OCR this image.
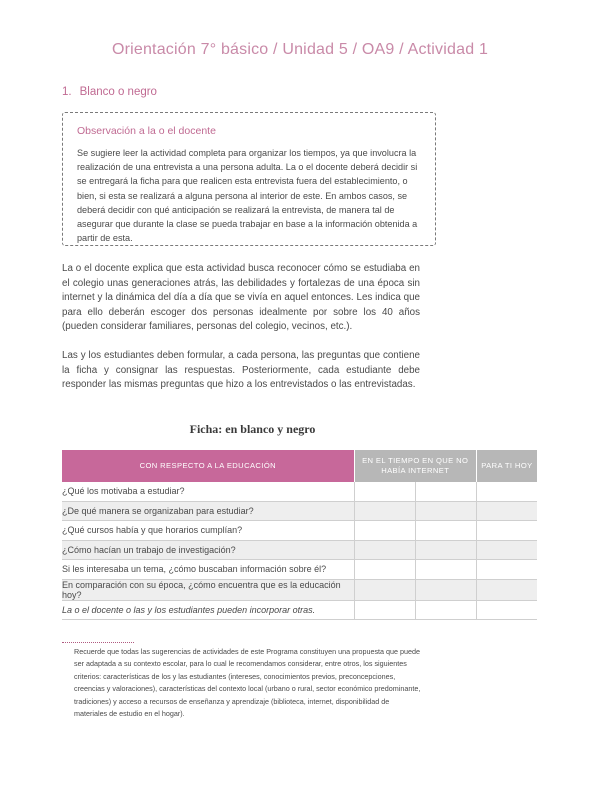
Orientación 7° básico / Unidad 5 / OA9 / Actividad 1
1. Blanco o negro
Observación a la o el docente
Se sugiere leer la actividad completa para organizar los tiempos, ya que involucra la realización de una entrevista a una persona adulta. La o el docente deberá decidir si se entregará la ficha para que realicen esta entrevista fuera del establecimiento, o bien, si esta se realizará a alguna persona al interior de este. En ambos casos, se deberá decidir con qué anticipación se realizará la entrevista, de manera tal de asegurar que durante la clase se pueda trabajar en base a la información obtenida a partir de esta.
La o el docente explica que esta actividad busca reconocer cómo se estudiaba en el colegio unas generaciones atrás, las debilidades y fortalezas de una época sin internet y la dinámica del día a día que se vivía en aquel entonces. Les indica que para ello deberán escoger dos personas idealmente por sobre los 40 años (pueden considerar familiares, personas del colegio, vecinos, etc.).
Las y los estudiantes deben formular, a cada persona, las preguntas que contiene la ficha y consignar las respuestas. Posteriormente, cada estudiante debe responder las mismas preguntas que hizo a los entrevistados o las entrevistadas.
Ficha: en blanco y negro
CON RESPECTO A LA EDUCACIÓN	EN EL TIEMPO EN QUE NO HABÍA INTERNET		PARA TI HOY
¿Qué los motivaba a estudiar?			
¿De qué manera se organizaban para estudiar?			
¿Qué cursos había y que horarios cumplían?			
¿Cómo hacían un trabajo de investigación?			
Si les interesaba un tema, ¿cómo buscaban información sobre él?			
En comparación con su época, ¿cómo encuentra que es la educación hoy?			
La o el docente o las y los estudiantes pueden incorporar otras.			
Recuerde que todas las sugerencias de actividades de este Programa constituyen una propuesta que puede ser adaptada a su contexto escolar, para lo cual le recomendamos considerar, entre otros, los siguientes criterios: características de los y las estudiantes (intereses, conocimientos previos, preconcepciones, creencias y valoraciones), características del contexto local (urbano o rural, sector económico predominante, tradiciones) y acceso a recursos de enseñanza y aprendizaje (biblioteca, internet, disponibilidad de materiales de estudio en el hogar).
